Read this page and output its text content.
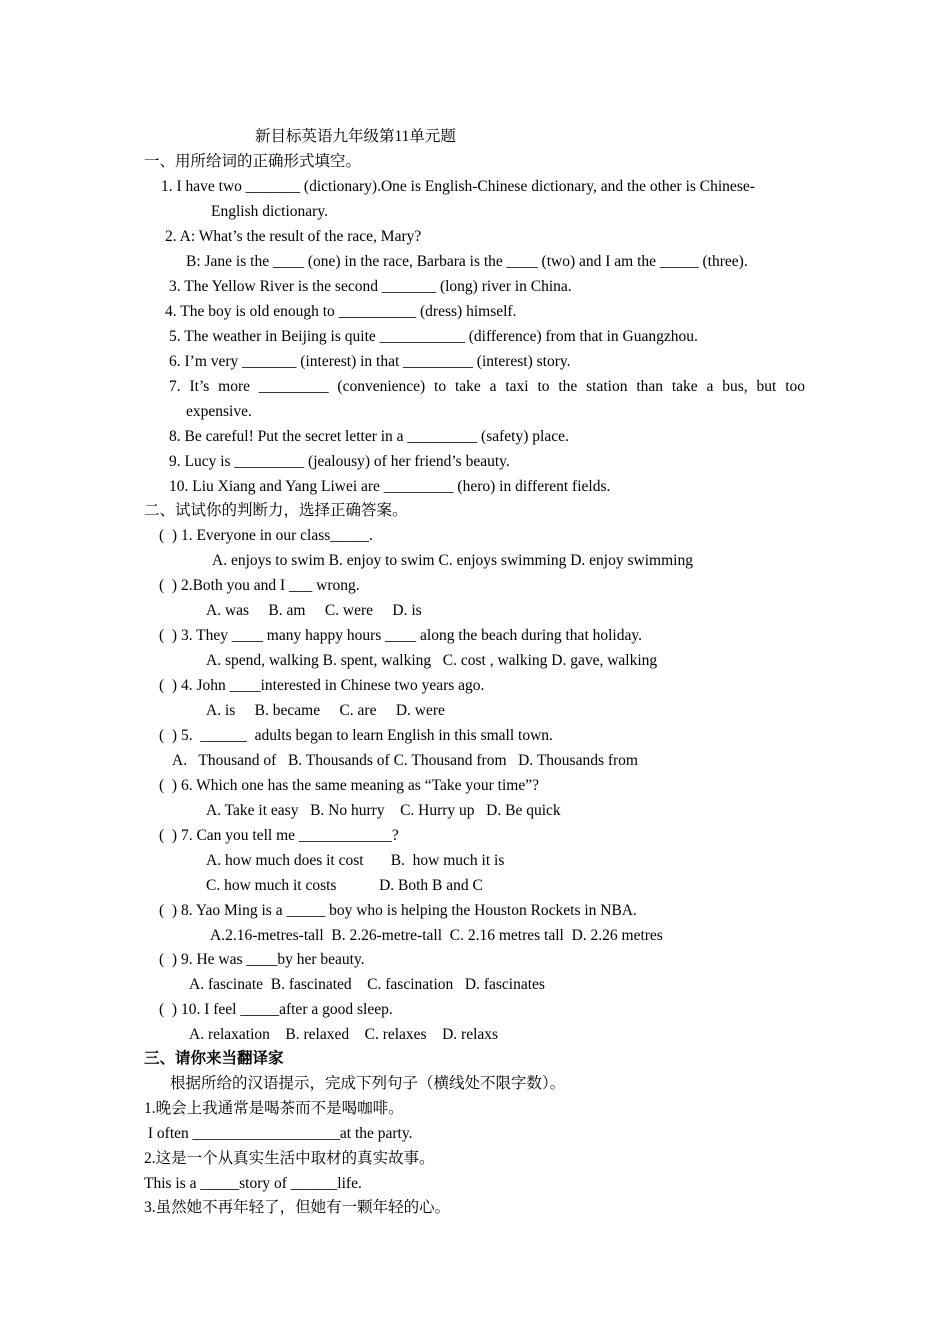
新目标英语九年级第11单元题
一、用所给词的正确形式填空。
1. I have two _______ (dictionary).One is English-Chinese dictionary, and the other is Chinese-
English dictionary.
2. A: What’s the result of the race, Mary?
B: Jane is the ____ (one) in the race, Barbara is the ____ (two) and I am the _____ (three).
3. The Yellow River is the second _______ (long) river in China.
4. The boy is old enough to __________ (dress) himself.
5. The weather in Beijing is quite ___________ (difference) from that in Guangzhou.
6. I’m very _______ (interest) in that _________ (interest) story.
7. It’s more _________ (convenience) to take a taxi to the station than take a bus, but too
expensive.
8. Be careful! Put the secret letter in a _________ (safety) place.
9. Lucy is _________ (jealousy) of her friend’s beauty.
10. Liu Xiang and Yang Liwei are _________ (hero) in different fields.
二、试试你的判断力，选择正确答案。
(  ) 1. Everyone in our class_____.
A. enjoys to swim B. enjoy to swim C. enjoys swimming D. enjoy swimming
(  ) 2.Both you and I ___ wrong.
A. was     B. am     C. were     D. is
(  ) 3. They ____ many happy hours ____ along the beach during that holiday.
A. spend, walking B. spent, walking   C. cost , walking D. gave, walking
(  ) 4. John ____interested in Chinese two years ago.
A. is     B. became     C. are     D. were
(  ) 5.  ______  adults began to learn English in this small town.
A.   Thousand of   B. Thousands of C. Thousand from   D. Thousands from
(  ) 6. Which one has the same meaning as “Take your time”?
A. Take it easy   B. No hurry    C. Hurry up   D. Be quick
(  ) 7. Can you tell me ____________?
A. how much does it cost       B.  how much it is
C. how much it costs           D. Both B and C
(  ) 8. Yao Ming is a _____ boy who is helping the Houston Rockets in NBA.
A.2.16-metres-tall  B. 2.26-metre-tall  C. 2.16 metres tall  D. 2.26 metres
(  ) 9. He was ____by her beauty.
A. fascinate  B. fascinated    C. fascination   D. fascinates
(  ) 10. I feel _____after a good sleep.
A. relaxation    B. relaxed    C. relaxes    D. relaxs
三、请你来当翻译家
根据所给的汉语提示，完成下列句子（横线处不限字数）。
1.晚会上我通常是喝茶而不是喝咖啡。
I often ___________________at the party.
2.这是一个从真实生活中取材的真实故事。
This is a _____story of ______life.
3.虽然她不再年轻了，但她有一颗年轻的心。
